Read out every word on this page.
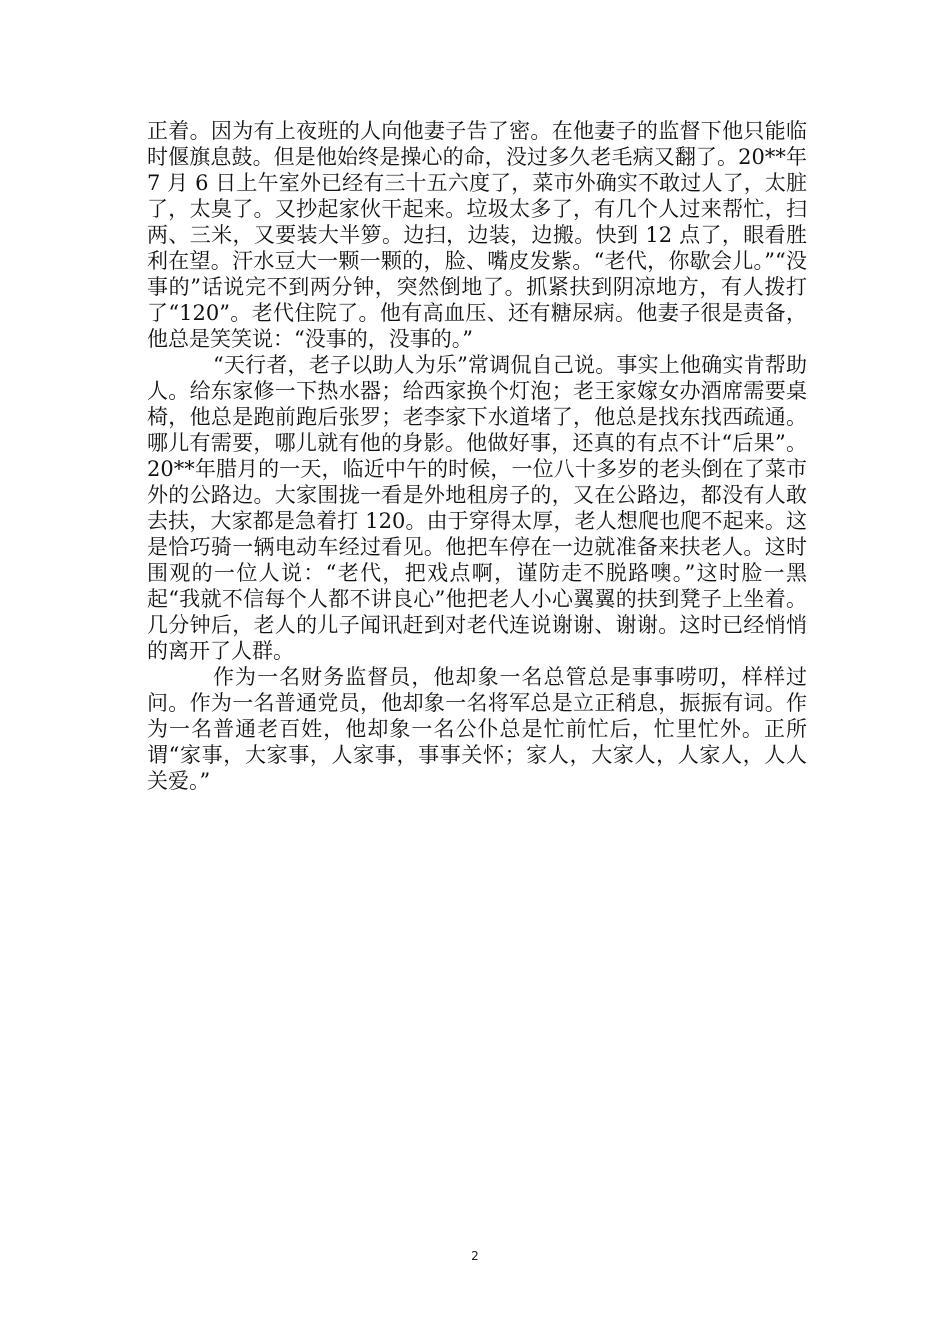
正着。因为有上夜班的人向他妻子告了密。在他妻子的监督下他只能临时偃旗息鼓。但是他始终是操心的命，没过多久老毛病又翻了。20**年 7 月 6 日上午室外已经有三十五六度了，菜市外确实不敢过人了，太脏了，太臭了。又抄起家伙干起来。垃圾太多了，有几个人过来帮忙，扫两、三米，又要装大半箩。边扫，边装，边搬。快到 12 点了，眼看胜利在望。汗水豆大一颗一颗的，脸、嘴皮发紫。“老代，你歇会儿。”“没事的”话说完不到两分钟，突然倒地了。抓紧扶到阴凉地方，有人拨打了“120”。老代住院了。他有高血压、还有糖尿病。他妻子很是责备，他总是笑笑说：“没事的，没事的。”

“天行者，老子以助人为乐”常调侃自己说。事实上他确实肯帮助人。给东家修一下热水器；给西家换个灯泡；老王家嫁女办酒席需要桌椅，他总是跑前跑后张罗；老李家下水道堵了，他总是找东找西疏通。哪儿有需要，哪儿就有他的身影。他做好事，还真的有点不计“后果”。20**年腊月的一天，临近中午的时候，一位八十多岁的老头倒在了菜市外的公路边。大家围拢一看是外地租房子的，又在公路边，都没有人敢去扶，大家都是急着打 120。由于穿得太厚，老人想爬也爬不起来。这是恰巧骑一辆电动车经过看见。他把车停在一边就准备来扶老人。这时围观的一位人说：“老代，把戏点啊，谨防走不脱路噢。”这时脸一黑起“我就不信每个人都不讲良心”他把老人小心翼翼的扶到凳子上坐着。几分钟后，老人的儿子闻讯赶到对老代连说谢谢、谢谢。这时已经悄悄的离开了人群。

作为一名财务监督员，他却象一名总管总是事事唠叨，样样过问。作为一名普通党员，他却象一名将军总是立正稍息，振振有词。作为一名普通老百姓，他却象一名公仆总是忙前忙后，忙里忙外。正所谓“家事，大家事，人家事，事事关怀；家人，大家人，人家人，人人关爱。”

2
